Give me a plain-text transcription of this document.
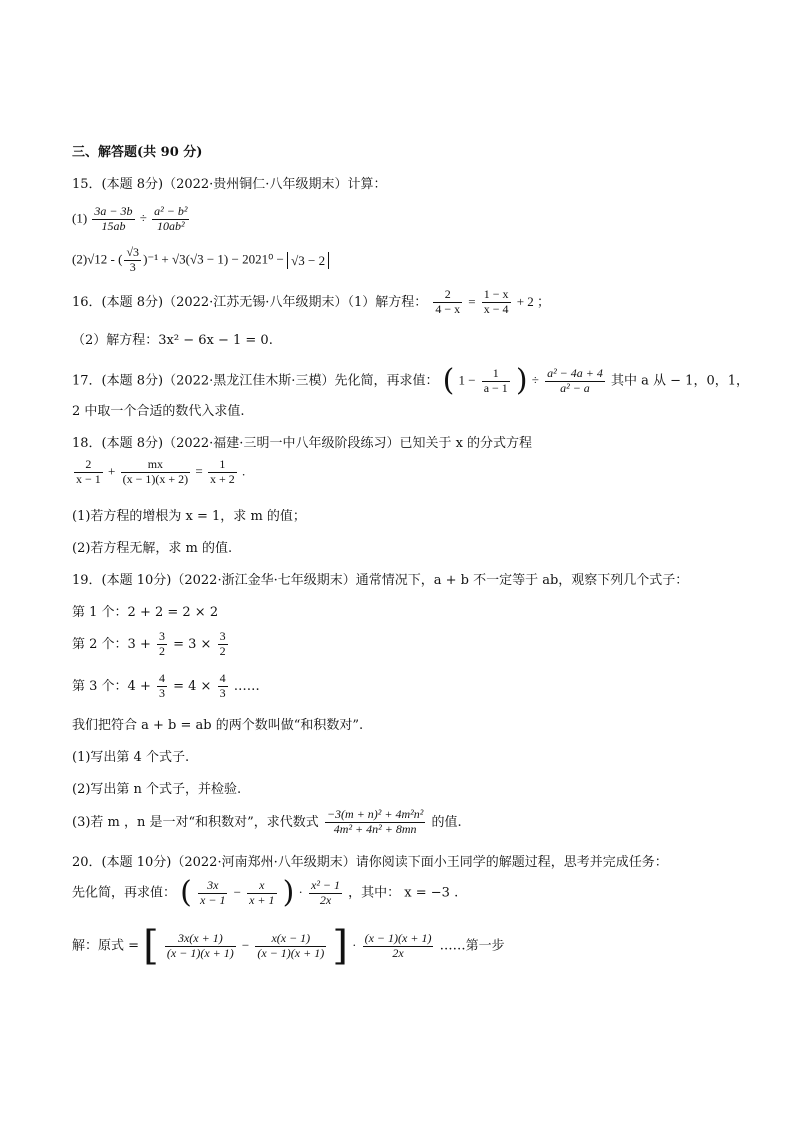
三、解答题(共 90 分)
15．(本题 8分)（2022·贵州铜仁·八年级期末）计算：
$(1) \frac{3a - 3b}{15ab} \div \frac{\text{a² − b²}}{\text{10ab²}}$
(2)√12 - ( $\frac{√3}{3} )^{-1} + √3(√3 - 1) - 2021^0 - √3 - 2$
16．(本题 8分)（2022·江苏无锡·八年级期末）（1）解方程： $\frac{2}{4 - x} = \frac{1 - x}{x - 4} + 2$ ；
（2）解方程：3x² − 6x − 1 = 0.
17．(本题 8分)（2022·黑龙江佳木斯·三模）先化简，再求值： ( $1 - \frac{1}{a - 1}$ ) ÷ $\frac{\text{a² − 4a + 4}}{\text{a² − a}}$ 其中 a 从 − 1，0，1，
2 中取一个合适的数代入求值.
18．(本题 8分)（2022·福建·三明一中八年级阶段练习）已知关于 x 的分式方程
$\frac{2}{x - 1} + \frac{mx}{(x - 1)(x + 2)} = \frac{1}{x + 2}$ .
(1)若方程的增根为 x = 1，求 m 的值；
(2)若方程无解，求 m 的值.
19．(本题 10分)（2022·浙江金华·七年级期末）通常情况下，a + b 不一定等于 ab，观察下列几个式子：
第 1 个：2 + 2 = 2 × 2
第 2 个：$3 + \frac{3}{2} = 3 \times \frac{3}{2}$
第 3 个：$4 + \frac{4}{3} = 4 \times \frac{4}{3}$ ……
我们把符合 a + b = ab 的两个数叫做“和积数对”.
(1)写出第 4 个式子.
(2)写出第 n 个式子，并检验.
(3)若 m ，n 是一对“和积数对”，求代数式 $\frac{\text{−3(m + n)² + 4m²n²}}{\text{4m² + 4n² + 8mn}}$ 的值.
20．(本题 10分)（2022·河南郑州·八年级期末）请你阅读下面小王同学的解题过程，思考并完成任务：
先化简，再求值： ( $\frac{3x}{x - 1} - \frac{x}{x + 1}$ ) · $\frac{\text{x² − 1}}{2x}$ ，其中： x = −3 .
解：原式 = [ $\frac{3x(x + 1)}{(x - 1)(x + 1)} - \frac{x(x - 1)}{(x - 1)(x + 1)}$ ] · $\frac{(x - 1)(x + 1)}{2x}$ ……第一步
